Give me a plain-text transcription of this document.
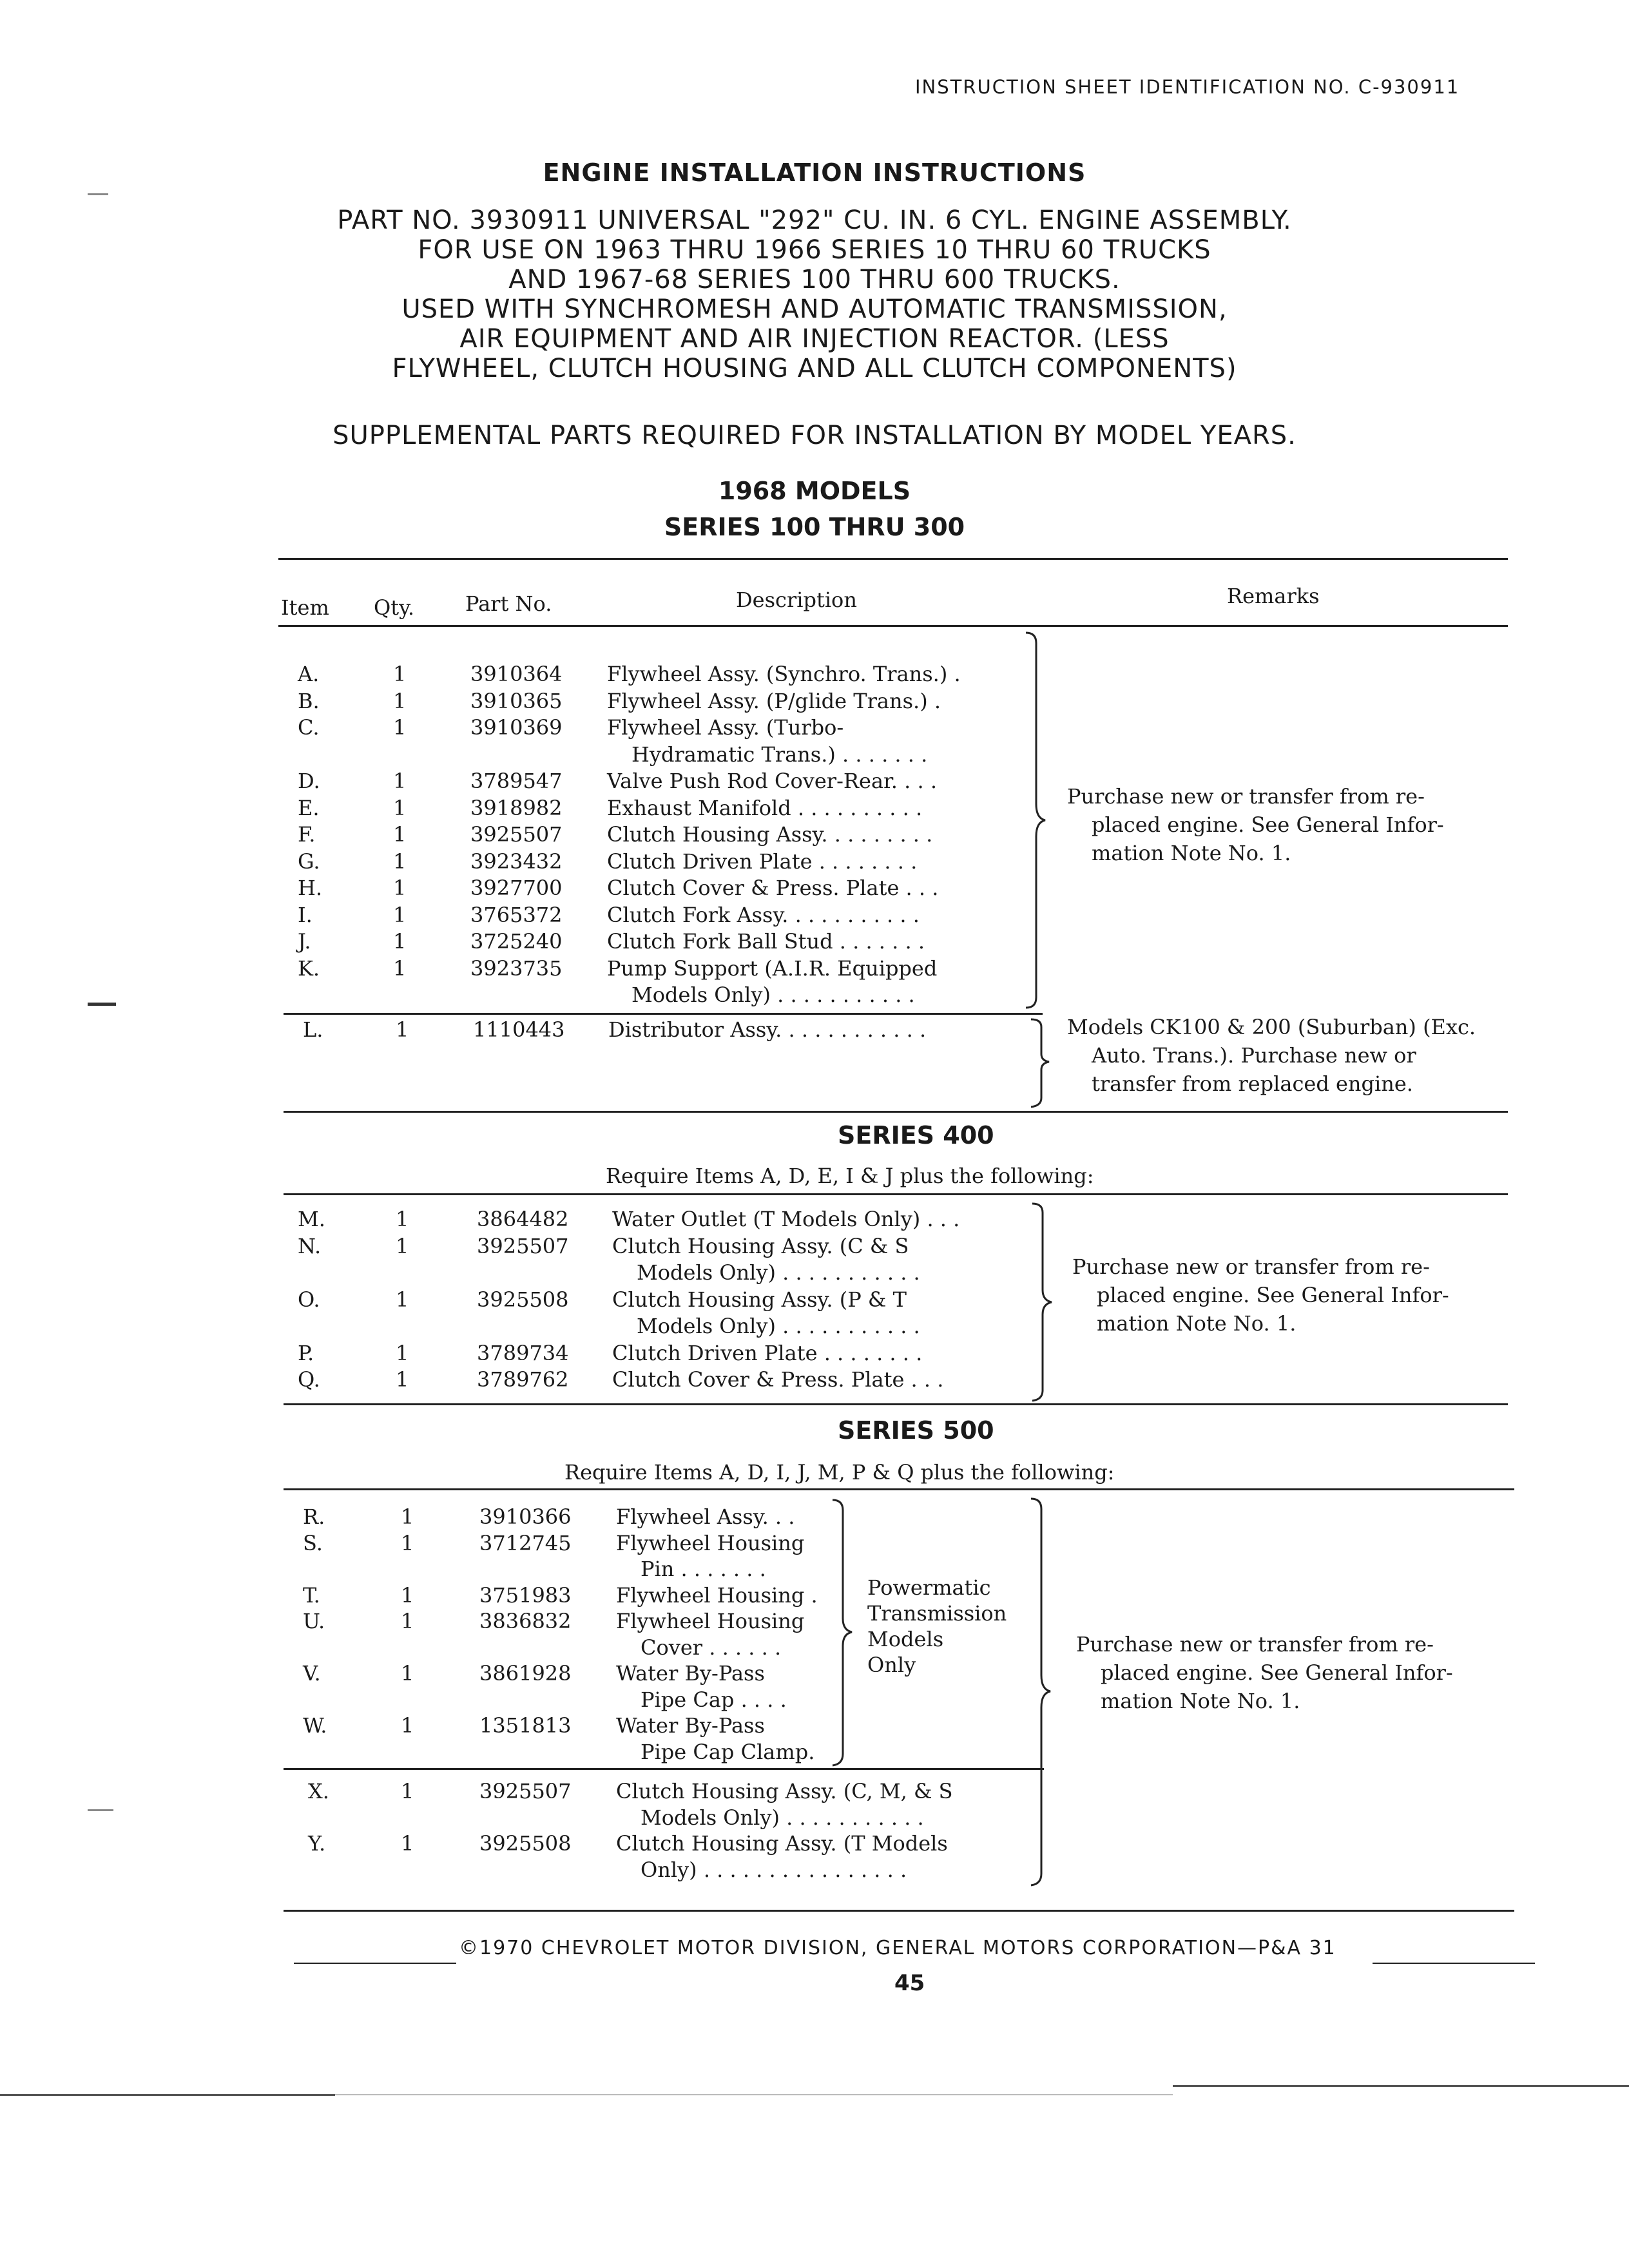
INSTRUCTION SHEET IDENTIFICATION NO. C-930911
ENGINE INSTALLATION INSTRUCTIONS
PART NO. 3930911 UNIVERSAL "292" CU. IN. 6 CYL. ENGINE ASSEMBLY.
FOR USE ON 1963 THRU 1966 SERIES 10 THRU 60 TRUCKS
AND 1967-68 SERIES 100 THRU 600 TRUCKS.
USED WITH SYNCHROMESH AND AUTOMATIC TRANSMISSION,
AIR EQUIPMENT AND AIR INJECTION REACTOR. (LESS
FLYWHEEL, CLUTCH HOUSING AND ALL CLUTCH COMPONENTS)
SUPPLEMENTAL PARTS REQUIRED FOR INSTALLATION BY MODEL YEARS.
1968 MODELS
SERIES 100 THRU 300
Item Qty. Part No.	Description	Remarks
A.	1	3910364 Flywheel Assy. (Synchro. Trans.) .
B.	1	3910365 Flywheel Assy. (P/glide Trans.) .
C.	1	3910369 Flywheel Assy. (Turbo-
Hydramatic Trans.) . . . . . . .
D.	1	3789547 Valve Push Rod Cover-Rear. . . .
E.	1	3918982 Exhaust Manifold . . . . . . . . . .
F.	1	3925507 Clutch Housing Assy. . . . . . . . .
G.	1	3923432 Clutch Driven Plate . . . . . . . .
H.	1	3927700 Clutch Cover & Press. Plate . . .
I.	1	3765372 Clutch Fork Assy. . . . . . . . . . .
J.	1	3725240 Clutch Fork Ball Stud . . . . . . .
K.	1	3923735 Pump Support (A.I.R. Equipped
Models Only) . . . . . . . . . . .
Purchase new or transfer from re-
placed engine. See General Infor-
mation Note No. 1.
L.	1	1110443 Distributor Assy. . . . . . . . . . . .	Models CK100 & 200 (Suburban) (Exc.
Auto. Trans.). Purchase new or
transfer from replaced engine.
SERIES 400
Require Items A, D, E, I & J plus the following:
M.	1	3864482 Water Outlet (T Models Only) . . .
N.	1	3925507 Clutch Housing Assy. (C & S
Models Only) . . . . . . . . . . .
O.	1	3925508 Clutch Housing Assy. (P & T
Models Only) . . . . . . . . . . .
P.	1	3789734 Clutch Driven Plate . . . . . . . .
Q.	1	3789762 Clutch Cover & Press. Plate . . .
Purchase new or transfer from re-
placed engine. See General Infor-
mation Note No. 1.
SERIES 500
Require Items A, D, I, J, M, P & Q plus the following:
R.	1	3910366 Flywheel Assy. . .
S.	1	3712745 Flywheel Housing
Pin . . . . . . .
T.	1	3751983 Flywheel Housing .
U.	1	3836832 Flywheel Housing
Cover . . . . . .
V.	1	3861928 Water By-Pass
Pipe Cap . . . .
W.	1	1351813 Water By-Pass
Pipe Cap Clamp.
Powermatic
Transmission
Models
Only
X.	1	3925507 Clutch Housing Assy. (C, M, & S
Models Only) . . . . . . . . . . .
Y.	1	3925508 Clutch Housing Assy. (T Models
Only) . . . . . . . . . . . . . . . .
Purchase new or transfer from re-
placed engine. See General Infor-
mation Note No. 1.
©1970 CHEVROLET MOTOR DIVISION, GENERAL MOTORS CORPORATION—P&A 31
45
